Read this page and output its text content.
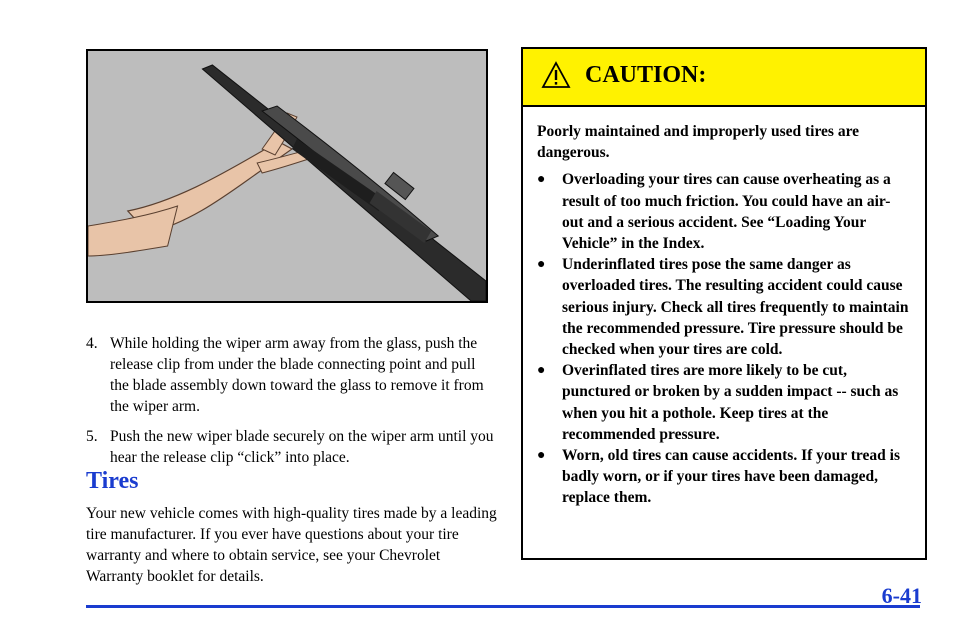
4. While holding the wiper arm away from the glass, push the release clip from under the blade connecting point and pull the blade assembly down toward the glass to remove it from the wiper arm.
5. Push the new wiper blade securely on the wiper arm until you hear the release clip “click” into place.
Tires
Your new vehicle comes with high-quality tires made by a leading tire manufacturer. If you ever have questions about your tire warranty and where to obtain service, see your Chevrolet Warranty booklet for details.
CAUTION:

Poorly maintained and improperly used tires are dangerous.

●	Overloading your tires can cause overheating as a result of too much friction. You could have an air-out and a serious accident. See “Loading Your Vehicle” in the Index.
●	Underinflated tires pose the same danger as overloaded tires. The resulting accident could cause serious injury. Check all tires frequently to maintain the recommended pressure. Tire pressure should be checked when your tires are cold.
●	Overinflated tires are more likely to be cut, punctured or broken by a sudden impact -- such as when you hit a pothole. Keep tires at the recommended pressure.
●	Worn, old tires can cause accidents. If your tread is badly worn, or if your tires have been damaged, replace them.
6-41
